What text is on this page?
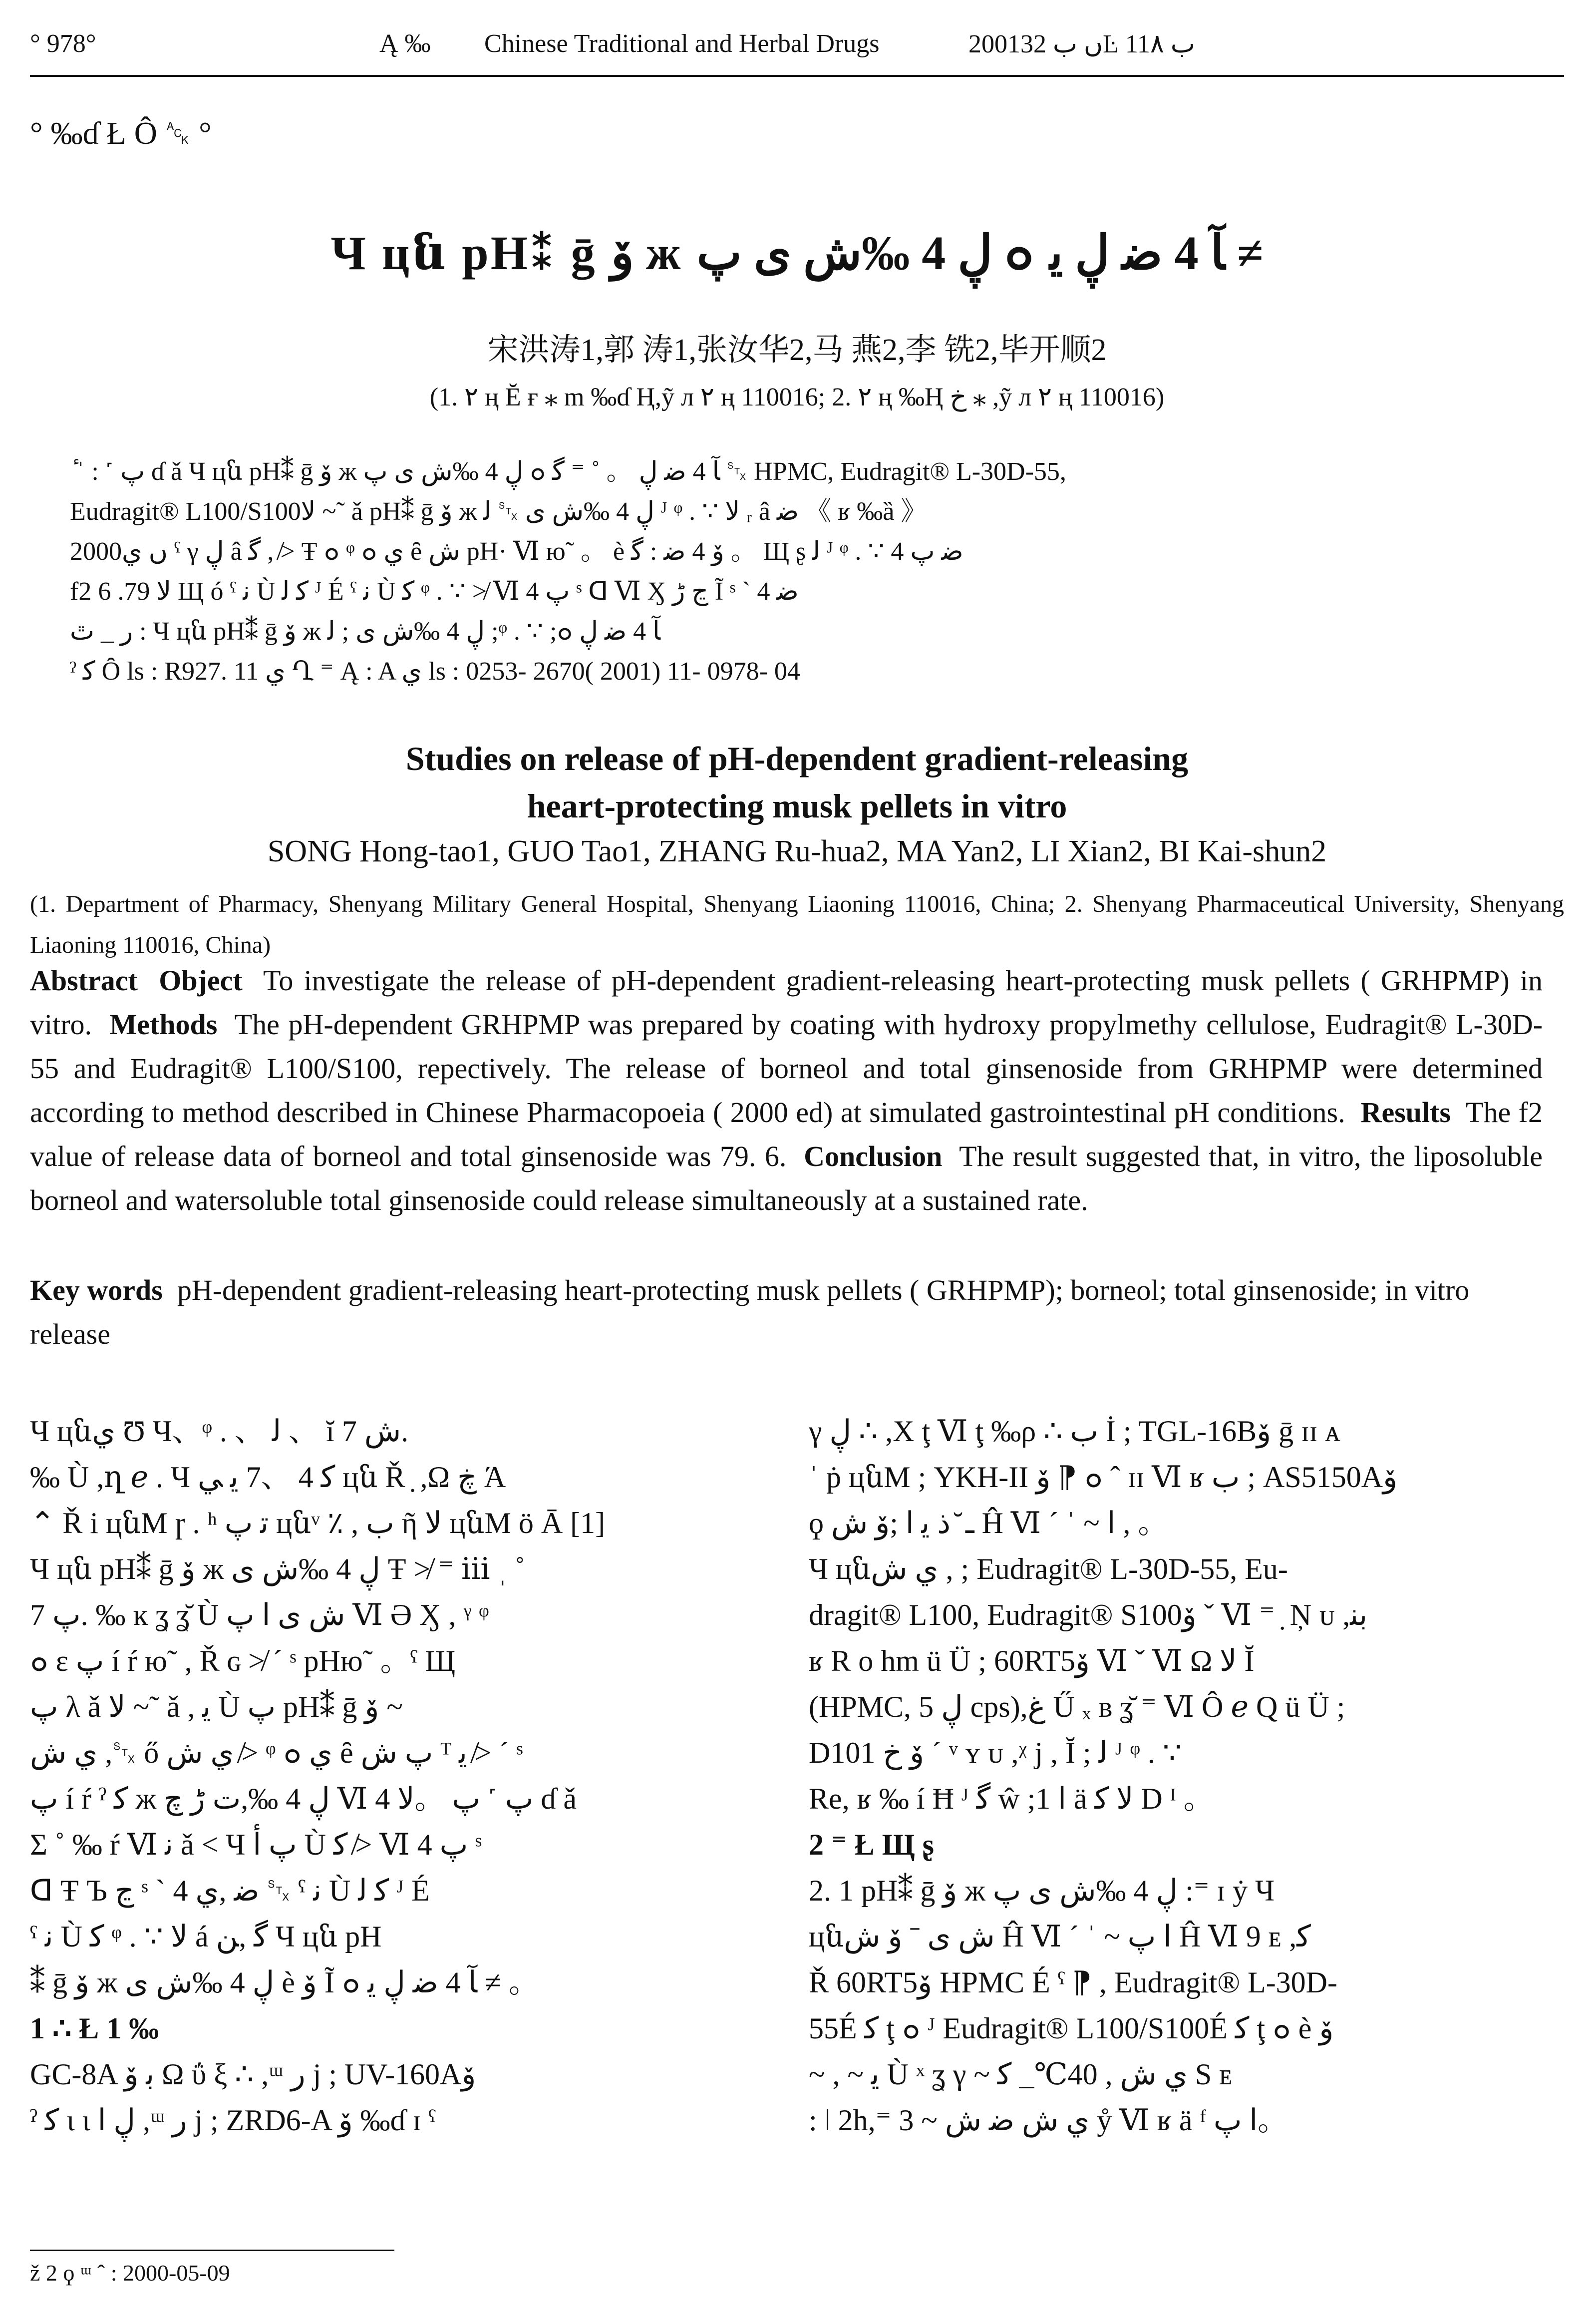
° 978°	Ą ‰ Chinese Traditional and Herbal Drugs	2001ں ب 32Ŀ ب 11۸
° ‰ɗ Ł Ô ␆ °
Ч цն pH⁑ ḡ ۆ ж ڸ 4 ‰ﺵ ﯼ ﭖ ๐ ﺂ 4 ﺿ ڸ ﻳ ≠
宋洪涛1,郭 涛1,张汝华2,马 燕2,李 铣2,毕开顺2
(1. ۲ ң Ĕ ғ ⁎ m ‰ɗ Ң,ỹ л ۲ ң 110016; 2. ۲ ң ‰Ң خ ⁎ ,ỹ л ۲ ң 110016)
ٔ ˈ : ˹ ﭖ ɗ ǎ Ч цն pH⁑ ḡ ۆ ж ڸ 4 ‰ﺵ ﯼ ﭖ ๐ ﺂ 4 ﺿ ڸ 。 ˚ ⁼ ﮔ ␂ HPMC, Eudragit® L-30D-55,
Eudragit® L100/S100ﻻ ~˜ ǎ pH⁑ ḡ ۆ ж ڸ 4 ‰ﺵ ﯼ ␂ ﻟ ᴶ ᵠ . ∵ ﻻ ᵣ â ﺿ 《 ʁ ‰ȁ 》
2000ں ﻱ ˤ γ ڸ â ﮔ , ≯ Ŧ ๐ ᵠ ๐ ﻱ ȇ ﺵ pH· Ⅵ ю˜ 。 è ۆ 4 ﺿ : ﮔ 。 Щ ʂ ﻟ ᴶ ᵠ . ∵ 4 ﺿ ﭖ
f2 ﻻ 79. 6 Щ ó ˤ ﻧ Ù ﮐ ﻟ ᴶ É ˤ ﻧ Ù ﮐ ᵠ . ∵ ≯ Ⅵ 4 ﭖ ˢ ᗡ Ⅵ Ӽ ڃ ڑ Ĩ ˢ ˋ 4 ﺿ
ﺭ _ ٿ : Ч цն pH⁑ ḡ ۆ ж ڸ 4 ‰ﺵ ﯼ ; ﻟ ;ᵠ . ∵ ;๐ ﺂ 4 ﺿ ڸ
ˀ ﮐ Ȏ ls : R927. 11 ﻱ Ղ ⁼ Ą : A ﻱ ls : 0253- 2670( 2001) 11- 0978- 04
Studies on release of pH-dependent gradient-releasing
heart-protecting musk pellets in vitro
SONG Hong-tao1, GUO Tao1, ZHANG Ru-hua2, MA Yan2, LI Xian2, BI Kai-shun2
(1. Department of Pharmacy, Shenyang Military General Hospital, Shenyang Liaoning 110016, China; 2. Shenyang Pharmaceutical University, Shenyang Liaoning 110016, China)
Abstract Object To investigate the release of pH-dependent gradient-releasing heart-protecting musk pellets ( GRHPMP) in vitro. Methods The pH-dependent GRHPMP was prepared by coating with hydroxy propylmethy cellulose, Eudragit® L-30D-55 and Eudragit® L100/S100, repectively. The release of borneol and total ginsenoside from GRHPMP were determined according to method described in Chinese Pharmacopoeia ( 2000 ed) at simulated gastrointestinal pH conditions. Results The f2 value of release data of borneol and total ginsenoside was 79. 6. Conclusion The result suggested that, in vitro, the liposoluble borneol and watersoluble total ginsenoside could release simultaneously at a sustained rate.
Key words pH-dependent gradient-releasing heart-protecting musk pellets ( GRHPMP); borneol; total ginsenoside; in vitro release

Ч цնﻱ Ʊ Ч、ᵠ . 、 ﻟ 、 ĭ ﺵ 7.

‰ Ù ,ղ ℯ . Ч ﮐ 4 、7 ﯾ ﻲ цն Ř ̣ ,Ω ڿ Ά

⌃ Ř i цնΜ ɼ . ʰ ﺗ ﭖ цնᵛ ٪ , ب ῆ ﻻ цնΜ ö Ā [1]

Ч цն pH⁑ ḡ ۆ ж ڸ 4 ‰ﺵ ﯼ Ŧ ≯ ⁼ ⅲ ˌ ˚

ﭖ 7. ‰ ĸ ʓ ʓ̆ Ù ﺵ ﯼ ﺍ ﭖ Ⅵ Ə Ӽ , ᵞ ᵠ

๐ ɛ ﭖ í ŕ ю˜ , Ř ɢ ≯ ˊ ˢ pHю˜ 。ˤ Щ

ﭖ λ ǎ ﻻ ~˜ ǎ , ﻳ Ù ﭖ pH⁑ ḡ ۆ ~

ﻱ ﺵ ,␂ ő ﻱ ﺵ ≯ ᵠ ๐ ﻱ ȇ ﭖ ﺵ ᵀ ﻳ ≯ ˊ ˢ

ﭖ í ŕ ˀ ﮐ ж ڸ 4 ‰,ﺕ ڑ ﭺ Ⅵ 4 ﭖ ˹ ﭖ 。ﻻ ɗ ǎ

Σ ˚ ‰ ŕ Ⅵ ﻧ ǎ ˂ Ч ﭖ ﺃ Ù ﮐ ≯ Ⅵ 4 ﭖ ˢ

ᗡ Ŧ Ъ ڃ ˢ ˋ 4 ﺿ ,ﻱ ␂ ˤ ﻧ Ù ﮐ ﻟ ᴶ É

ˤ ﻧ Ù ﮐ ᵠ . ∵ ﻻ á ﮔ ,ﻦ Ч цն pH

⁑ ḡ ۆ ж ڸ 4 ‰ﺵ ﯼ è ۆ Ĩ ๐ ﺂ 4 ﺿ ڸ ﻳ ≠ 。

1 ∴ Ł 1 ‰

GC-8A ﺑ ۆ Ω ΰ ξ ∴ ,ᵚ ﺭ j ; UV-160Aۆ

ˀ ﮐ ι ι ڸ ﺍ ,ᵚ ﺭ j ; ZRD6-A ۆ ‰ɗ ɪ ˤ

γ ڸ ∴ ,Χ ţ Ⅵ ţ ‰ρ ∴ ب İ ; TGL-16Bۆ ḡ ɪɪ ᴀ

ˈ ṗ цնΜ ; YKH-II ۆ ⁋ ๐ ˆ ɪɪ Ⅵ ʁ ب ; AS5150Aۆ

ϙ ـ ̆ ﺫ ﯾ ﺍ ;ۆ ﺵ Ĥ Ⅵ ˊ ˈ ~ ﺍ , 。

Ч цնﻱ ﺵ , ; Eudragit® L-30D-55, Eu-

dragit® L100, Eudragit® S100ۆ ˇ Ⅵ ⁼ ̣ Ņ ᴜ ,ﺑﻨ

ʁ R o hm ü Ü ; 60RT5ۆ Ⅵ ˇ Ⅵ Ω ﻻ Ĭ

(HPMC, ڸ 5 cps),ﻍ Ű ₓ ʙ ʓ̆ ⁼ Ⅵ Ô ℯ Q ü Ü ;

D101 ۆ ﺥ ˊ ᵛ ʏ ᴜ ,ᵡ j , Ĭ ; ﻟ ᴶ ᵠ . ∵

Re, ʁ ‰ í Ħ ᴶ ﮔ ŵ ;1 ﺍ ä ﻻ ﮐ D ᴵ 。

2 ⁼ Ł Щ ʂ

2. 1 pH⁑ ḡ ۆ ж ڸ 4 ‰ﺵ ﯼ ﭖ :⁼ ɪ ẏ Ч

цնﺵ ﯼ ˉ ۆ ﺵ Ĥ Ⅵ ˊ ˈ ~ ﺍ ﭖ Ĥ Ⅵ 9 ᴇ ,ﮐ

Ř 60RT5ۆ HPMC É ˤ ⁋ , Eudragit® L-30D-

55É ﮐ ţ ๐ ᴶ Eudragit® L100/S100É ﮐ ţ ๐ è ۆ

~ , ~ ﻳ Ù ˣ ʓ γ ~ ﻱ ﺵ , 40℃_ ﮐ S ᴇ

: ǀ 2h,⁼ 3 ~ ﻱ ﺵ ﺿ ﺵ ẙ Ⅵ ʁ ä ᶠ ﺍ ﭖ。

ž 2 ϙ ᵚ ˆ : 2000-05-09
